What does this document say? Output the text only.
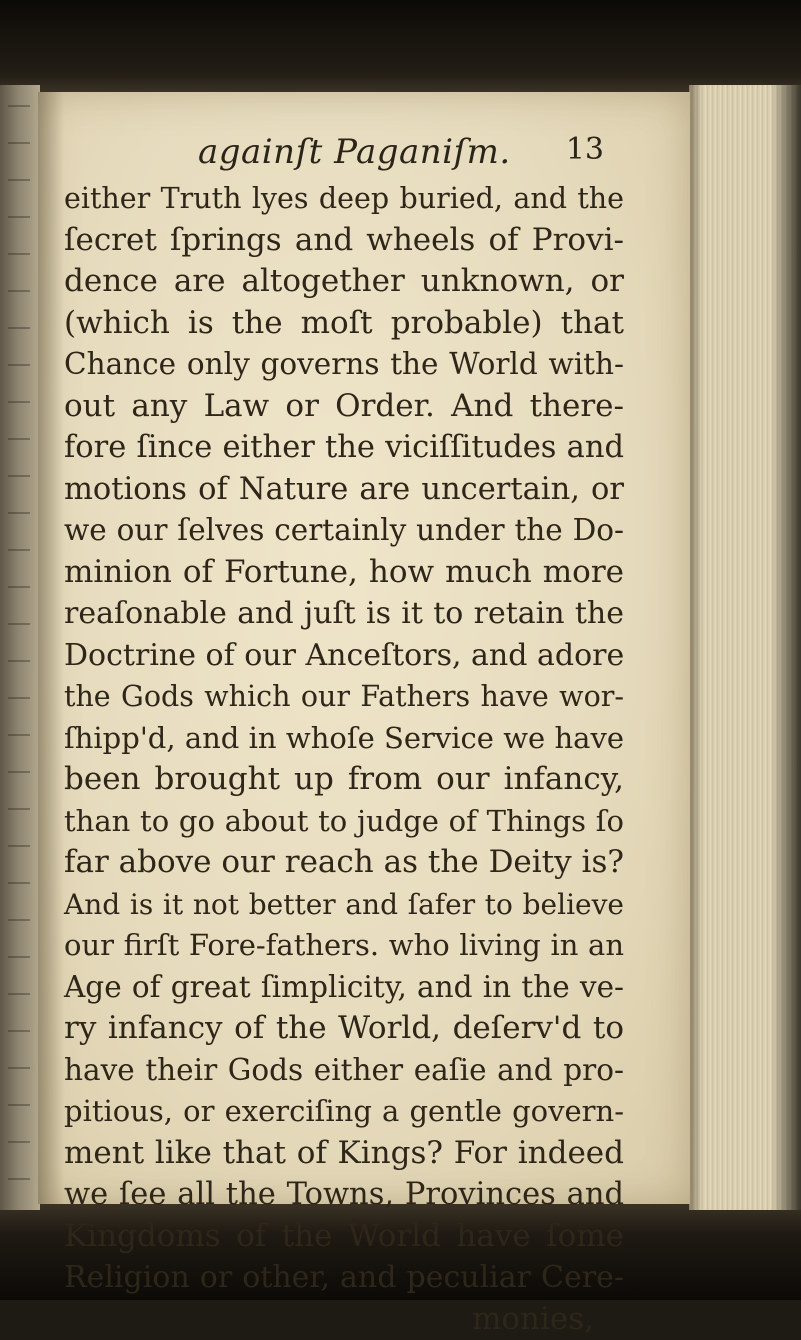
againſt Paganiſm. 13
either Truth lyes deep buried, and the
ſecret ſprings and wheels of Provi-
dence are altogether unknown, or
(which is the moſt probable) that
Chance only governs the World with-
out any Law or Order. And there-
fore ſince either the viciſſitudes and
motions of Nature are uncertain, or
we our ſelves certainly under the Do-
minion of Fortune, how much more
reaſonable and juſt is it to retain the
Doctrine of our Anceſtors, and adore
the Gods which our Fathers have wor-
ſhipp'd, and in whoſe Service we have
been brought up from our infancy,
than to go about to judge of Things ſo
far above our reach as the Deity is?
And is it not better and ſafer to believe
our firſt Fore-fathers. who living in an
Age of great ſimplicity, and in the ve-
ry infancy of the World, deſerv'd to
have their Gods either eaſie and pro-
pitious, or exerciſing a gentle govern-
ment like that of Kings? For indeed
we ſee all the Towns, Provinces and
Kingdoms of the World have ſome
Religion or other, and peculiar Cere-
monies,
